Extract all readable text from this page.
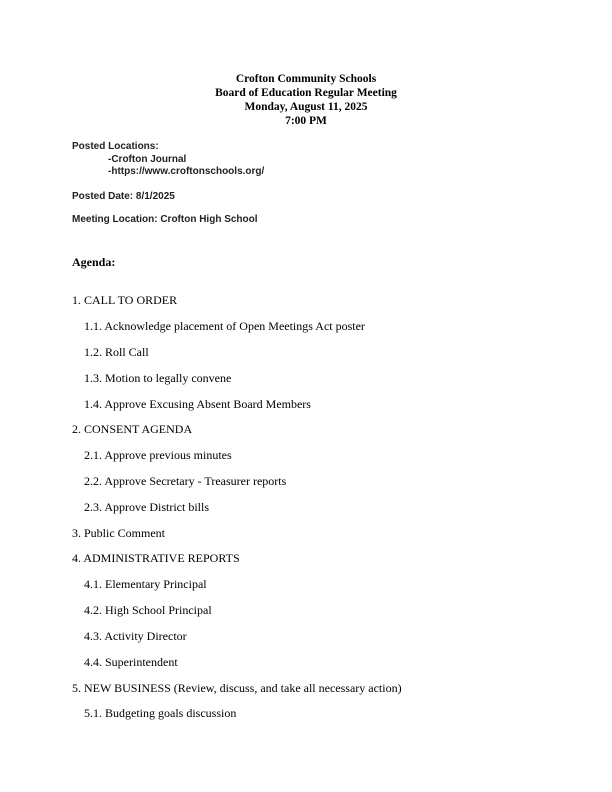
Crofton Community Schools
Board of Education Regular Meeting
Monday, August 11, 2025
7:00 PM
Posted Locations:
-Crofton Journal
-https://www.croftonschools.org/
Posted Date: 8/1/2025
Meeting Location: Crofton High School
Agenda:
1. CALL TO ORDER
1.1. Acknowledge placement of Open Meetings Act poster
1.2. Roll Call
1.3. Motion to legally convene
1.4. Approve Excusing Absent Board Members
2. CONSENT AGENDA
2.1. Approve previous minutes
2.2. Approve Secretary - Treasurer reports
2.3. Approve District bills
3. Public Comment
4. ADMINISTRATIVE REPORTS
4.1. Elementary Principal
4.2. High School Principal
4.3. Activity Director
4.4. Superintendent
5. NEW BUSINESS (Review, discuss, and take all necessary action)
5.1. Budgeting goals discussion
